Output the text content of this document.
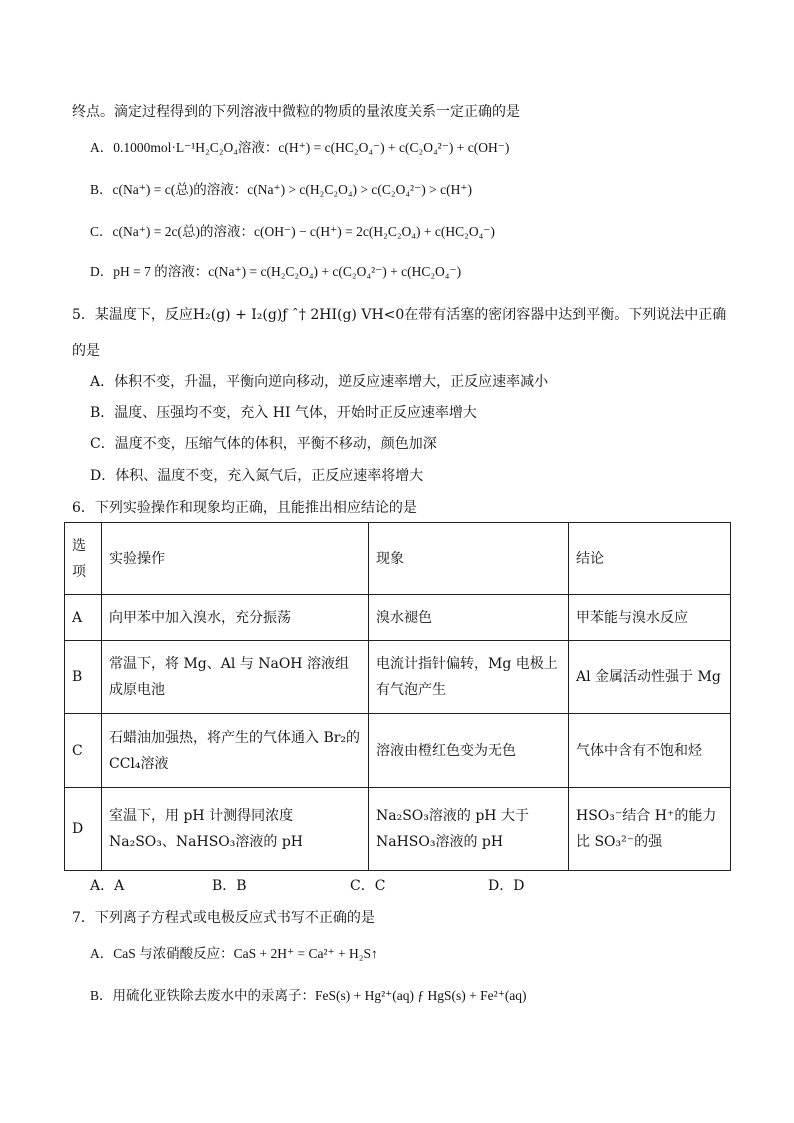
终点。滴定过程得到的下列溶液中微粒的物质的量浓度关系一定正确的是
A．0.1000mol·L⁻¹H₂C₂O₄溶液：c(H⁺) = c(HC₂O₄⁻) + c(C₂O₄²⁻) + c(OH⁻)
B．c(Na⁺) = c(总)的溶液：c(Na⁺) > c(H₂C₂O₄) > c(C₂O₄²⁻) > c(H⁺)
C．c(Na⁺) = 2c(总)的溶液：c(OH⁻) − c(H⁺) = 2c(H₂C₂O₄) + c(HC₂O₄⁻)
D．pH = 7 的溶液：c(Na⁺) = c(H₂C₂O₄) + c(C₂O₄²⁻) + c(HC₂O₄⁻)
5．某温度下，反应H₂(g) + I₂(g)ƒ ˆ† 2HI(g) VH<0在带有活塞的密闭容器中达到平衡。下列说法中正确
的是
A．体积不变，升温，平衡向逆向移动，逆反应速率增大，正反应速率减小
B．温度、压强均不变，充入 HI 气体，开始时正反应速率增大
C．温度不变，压缩气体的体积，平衡不移动，颜色加深
D．体积、温度不变，充入氮气后，正反应速率将增大
6．下列实验操作和现象均正确，且能推出相应结论的是
选项	实验操作	现象	结论
A	向甲苯中加入溴水，充分振荡	溴水褪色	甲苯能与溴水反应
B	常温下，将 Mg、Al 与 NaOH 溶液组成原电池	电流计指针偏转，Mg 电极上有气泡产生	Al 金属活动性强于 Mg
C	石蜡油加强热，将产生的气体通入 Br₂的 CCl₄溶液	溶液由橙红色变为无色	气体中含有不饱和烃
D	室温下，用 pH 计测得同浓度 Na₂SO₃、NaHSO₃溶液的 pH	Na₂SO₃溶液的 pH 大于 NaHSO₃溶液的 pH	HSO₃⁻结合 H⁺的能力比 SO₃²⁻的强
A．A	B．B	C．C	D．D
7．下列离子方程式或电极反应式书写不正确的是
A．CaS 与浓硝酸反应：CaS + 2H⁺ = Ca²⁺ + H₂S↑
B．用硫化亚铁除去废水中的汞离子：FeS(s) + Hg²⁺(aq) ƒ HgS(s) + Fe²⁺(aq)
